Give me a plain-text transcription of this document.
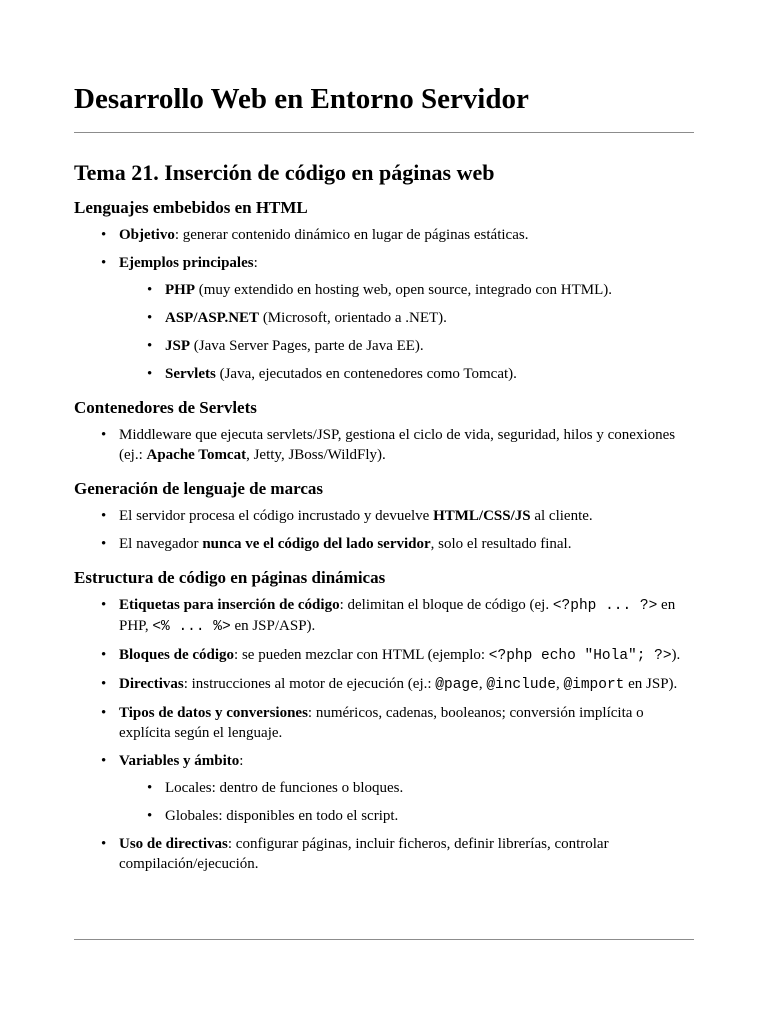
Desarrollo Web en Entorno Servidor
Tema 21. Inserción de código en páginas web
Lenguajes embebidos en HTML
• Objetivo: generar contenido dinámico en lugar de páginas estáticas.
• Ejemplos principales:
• PHP (muy extendido en hosting web, open source, integrado con HTML).
• ASP/ASP.NET (Microsoft, orientado a .NET).
• JSP (Java Server Pages, parte de Java EE).
• Servlets (Java, ejecutados en contenedores como Tomcat).
Contenedores de Servlets
• Middleware que ejecuta servlets/JSP, gestiona el ciclo de vida, seguridad, hilos y conexiones (ej.: Apache Tomcat, Jetty, JBoss/WildFly).
Generación de lenguaje de marcas
• El servidor procesa el código incrustado y devuelve HTML/CSS/JS al cliente.
• El navegador nunca ve el código del lado servidor, solo el resultado final.
Estructura de código en páginas dinámicas
• Etiquetas para inserción de código: delimitan el bloque de código (ej. <?php ... ?> en PHP, <% ... %> en JSP/ASP).
• Bloques de código: se pueden mezclar con HTML (ejemplo: <?php echo "Hola"; ?>).
• Directivas: instrucciones al motor de ejecución (ej.: @page, @include, @import en JSP).
• Tipos de datos y conversiones: numéricos, cadenas, booleanos; conversión implícita o explícita según el lenguaje.
• Variables y ámbito:
• Locales: dentro de funciones o bloques.
• Globales: disponibles en todo el script.
• Uso de directivas: configurar páginas, incluir ficheros, definir librerías, controlar compilación/ejecución.
